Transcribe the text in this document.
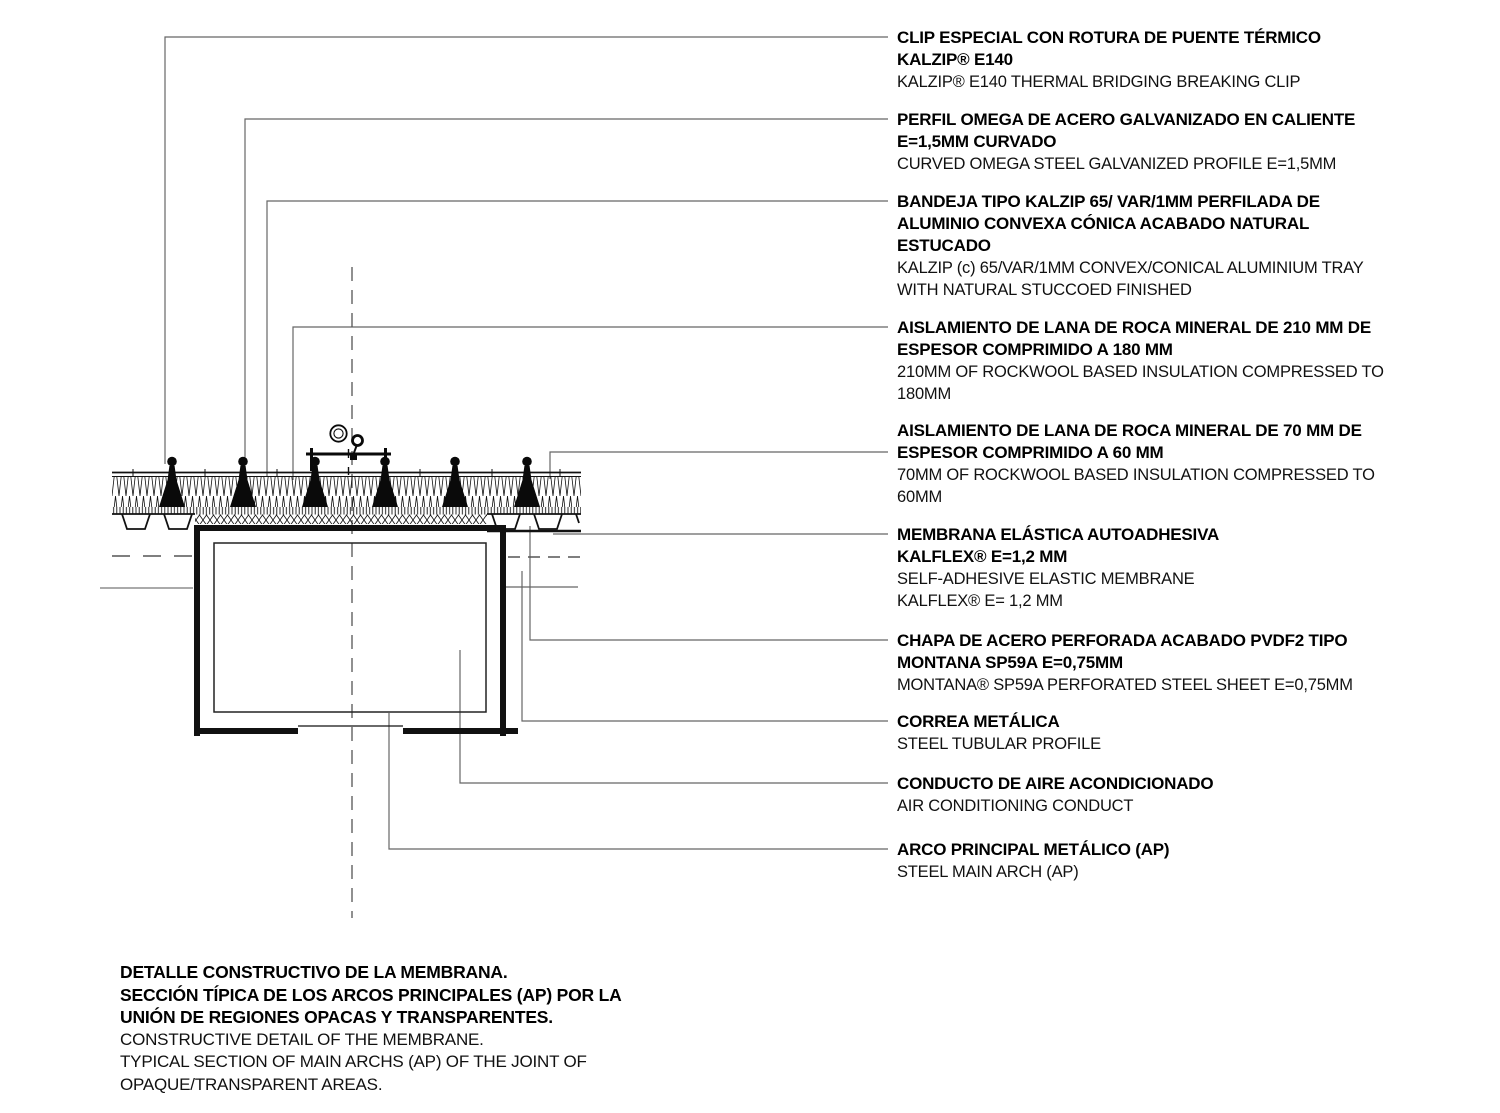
CLIP ESPECIAL CON ROTURA DE PUENTE TÉRMICO
KALZIP® E140
KALZIP® E140 THERMAL BRIDGING BREAKING CLIP
PERFIL OMEGA DE ACERO GALVANIZADO EN CALIENTE
E=1,5MM CURVADO
CURVED OMEGA STEEL GALVANIZED PROFILE E=1,5MM
BANDEJA TIPO KALZIP 65/ VAR/1MM PERFILADA DE
ALUMINIO CONVEXA CÓNICA ACABADO NATURAL
ESTUCADO
KALZIP (c) 65/VAR/1MM CONVEX/CONICAL ALUMINIUM TRAY
WITH NATURAL STUCCOED FINISHED
AISLAMIENTO DE LANA DE ROCA MINERAL DE 210 MM DE
ESPESOR COMPRIMIDO A 180 MM
210MM OF ROCKWOOL BASED INSULATION COMPRESSED TO
180MM
AISLAMIENTO DE LANA DE ROCA MINERAL DE 70 MM DE
ESPESOR COMPRIMIDO A 60 MM
70MM OF ROCKWOOL BASED INSULATION COMPRESSED TO
60MM
MEMBRANA ELÁSTICA AUTOADHESIVA
KALFLEX® E=1,2 MM
SELF-ADHESIVE ELASTIC MEMBRANE
KALFLEX® E= 1,2 MM
CHAPA DE ACERO PERFORADA ACABADO PVDF2 TIPO
MONTANA SP59A E=0,75MM
MONTANA® SP59A PERFORATED STEEL SHEET E=0,75MM
CORREA METÁLICA
STEEL TUBULAR PROFILE
CONDUCTO DE AIRE ACONDICIONADO
AIR CONDITIONING CONDUCT
ARCO PRINCIPAL METÁLICO (AP)
STEEL MAIN ARCH (AP)
DETALLE CONSTRUCTIVO DE LA MEMBRANA.
SECCIÓN TÍPICA DE LOS ARCOS PRINCIPALES (AP) POR LA
UNIÓN DE REGIONES OPACAS Y TRANSPARENTES.
CONSTRUCTIVE DETAIL OF THE MEMBRANE.
TYPICAL SECTION OF MAIN ARCHS (AP) OF THE JOINT OF
OPAQUE/TRANSPARENT AREAS.
